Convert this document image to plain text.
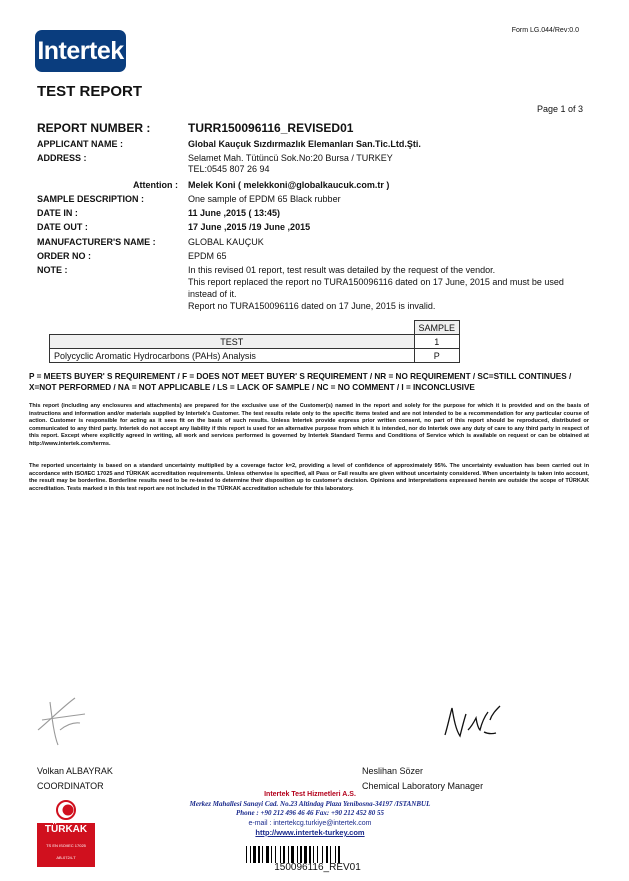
Intertek
Form LG.044/Rev:0.0
TEST REPORT
Page 1 of 3
REPORT NUMBER :	TURR150096116_REVISED01
APPLICANT NAME :	Global Kauçuk Sızdırmazlık Elemanları San.Tic.Ltd.Şti.
ADDRESS :	Selamet Mah. Tütüncü Sok.No:20 Bursa / TURKEY
TEL:0545 807 26 94
Attention : Melek Koni ( melekkoni@globalkaucuk.com.tr )
SAMPLE DESCRIPTION :	One sample of EPDM 65 Black rubber
DATE IN :	11 June ,2015 ( 13:45)
DATE OUT :	17 June ,2015 /19 June ,2015
MANUFACTURER'S NAME :	GLOBAL KAUÇUK
ORDER NO :	EPDM 65
NOTE :	In this revised 01 report, test result was detailed by the request of the vendor.
This report replaced the report no TURA150096116 dated on 17 June, 2015 and must be used instead of it.
Report no TURA150096116 dated on 17 June, 2015 is invalid.
	SAMPLE
TEST	1
Polycyclic Aromatic Hydrocarbons (PAHs) Analysis	P
P = MEETS BUYER' S REQUIREMENT / F = DOES NOT MEET BUYER' S REQUIREMENT / NR = NO REQUIREMENT / SC=STILL CONTINUES / X=NOT PERFORMED / NA = NOT APPLICABLE / LS = LACK OF SAMPLE / NC = NO COMMENT / I = INCONCLUSIVE
This report (including any enclosures and attachments) are prepared for the exclusive use of the Customer(s) named in the report and solely for the purpose for which it is provided and on the basis of instructions and information and/or materials supplied by Intertek's Customer. The test results relate only to the specific items tested and are not intended to be a recommendation for any particular course of action. Customer is responsible for acting as it sees fit on the basis of such results. Unless Intertek provide express prior written consent, no part of this report should be reproduced, distributed or communicated to any third party. Intertek do not accept any liability if this report is used for an alternative purpose from which it is intended, nor do Intertek owe any duty of care to any third party in respect of this report. Except where explicitly agreed in writing, all work and services performed is governed by Intertek Standard Terms and Conditions of Service which is available on request or can be obtained at http://www.intertek.com/terms.
The reported uncertainty is based on a standard uncertainty multiplied by a coverage factor k=2, providing a level of confidence of approximately 95%. The uncertainty evaluation has been carried out in accordance with ISO/IEC 17025 and TÜRKAK accreditation requirements. Unless otherwise is specified, all Pass or Fail results are given without uncertainty considered. When uncertainty is taken into account, the result may be borderline. Borderline results need to be re-tested to determine their disposition up to customer's decision. Opinions and interpretations expressed herein are outside the scope of TÜRKAK accreditation. Tests marked ¤ in this test report are not included in the TÜRKAK accreditation schedule for this laboratory.
Volkan ALBAYRAK
COORDINATOR
Neslihan Sözer
Chemical Laboratory Manager
TÜRKAK
TS EN ISO/IEC 17025
AB-0724-T
Intertek Test Hizmetleri A.S.
Merkez Mahallesi Sanayi Cad. No.23 Altindag Plaza Yenibosna-34197 /ISTANBUL
Phone : +90 212 496 46 46 Fax: +90 212 452 80 55
e-mail : intertekcg.turkiye@intertek.com
http://www.intertek-turkey.com
150096116_REV01
